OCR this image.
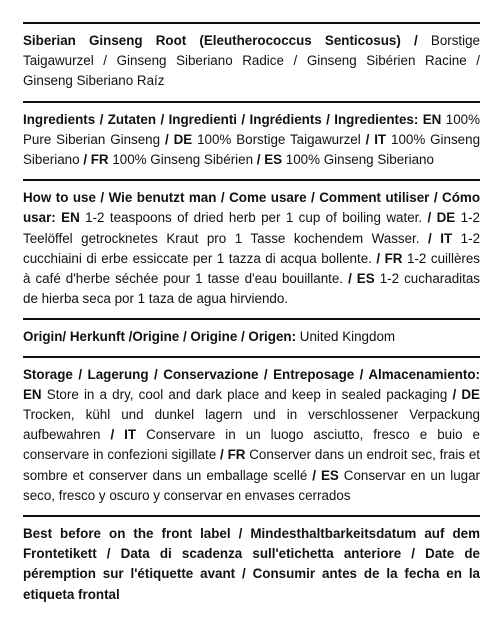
Siberian Ginseng Root (Eleutherococcus Senticosus) / Borstige Taigawurzel / Ginseng Siberiano Radice / Ginseng Sibérien Racine / Ginseng Siberiano Raíz
Ingredients / Zutaten / Ingredienti / Ingrédients / Ingredientes: EN 100% Pure Siberian Ginseng / DE 100% Borstige Taigawurzel / IT 100% Ginseng Siberiano / FR 100% Ginseng Sibérien / ES 100% Ginseng Siberiano
How to use / Wie benutzt man / Come usare / Comment utiliser / Cómo usar: EN 1-2 teaspoons of dried herb per 1 cup of boiling water. / DE 1-2 Teelöffel getrocknetes Kraut pro 1 Tasse kochendem Wasser. / IT 1-2 cucchiaini di erbe essiccate per 1 tazza di acqua bollente. / FR 1-2 cuillères à café d'herbe séchée pour 1 tasse d'eau bouillante. / ES 1-2 cucharaditas de hierba seca por 1 taza de agua hirviendo.
Origin/ Herkunft /Origine / Origine / Origen: United Kingdom
Storage / Lagerung / Conservazione / Entreposage / Almacenamiento: EN Store in a dry, cool and dark place and keep in sealed packaging / DE Trocken, kühl und dunkel lagern und in verschlossener Verpackung aufbewahren / IT Conservare in un luogo asciutto, fresco e buio e conservare in confezioni sigillate / FR Conserver dans un endroit sec, frais et sombre et conserver dans un emballage scellé / ES Conservar en un lugar seco, fresco y oscuro y conservar en envases cerrados
Best before on the front label / Mindesthaltbarkeitsdatum auf dem Frontetikett / Data di scadenza sull'etichetta anteriore / Date de péremption sur l'étiquette avant / Consumir antes de la fecha en la etiqueta frontal
